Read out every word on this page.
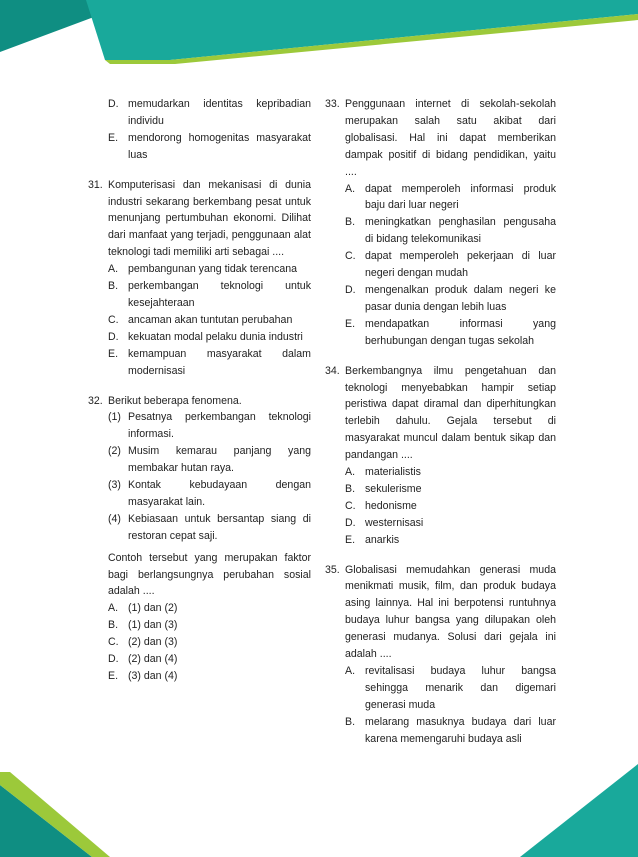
D. memudarkan identitas kepribadian individu
E. mendorong homogenitas masyarakat luas
31. Komputerisasi dan mekanisasi di dunia industri sekarang berkembang pesat untuk menunjang pertumbuhan ekonomi. Dilihat dari manfaat yang terjadi, penggunaan alat teknologi tadi memiliki arti sebagai ....
A. pembangunan yang tidak terencana
B. perkembangan teknologi untuk kesejahteraan
C. ancaman akan tuntutan perubahan
D. kekuatan modal pelaku dunia industri
E. kemampuan masyarakat dalam modernisasi
32. Berikut beberapa fenomena.
(1) Pesatnya perkembangan teknologi informasi.
(2) Musim kemarau panjang yang membakar hutan raya.
(3) Kontak kebudayaan dengan masyarakat lain.
(4) Kebiasaan untuk bersantap siang di restoran cepat saji.
Contoh tersebut yang merupakan faktor bagi berlangsungnya perubahan sosial adalah ....
A. (1) dan (2)
B. (1) dan (3)
C. (2) dan (3)
D. (2) dan (4)
E. (3) dan (4)
33. Penggunaan internet di sekolah-sekolah merupakan salah satu akibat dari globalisasi. Hal ini dapat memberikan dampak positif di bidang pendidikan, yaitu ....
A. dapat memperoleh informasi produk baju dari luar negeri
B. meningkatkan penghasilan pengusaha di bidang telekomunikasi
C. dapat memperoleh pekerjaan di luar negeri dengan mudah
D. mengenalkan produk dalam negeri ke pasar dunia dengan lebih luas
E. mendapatkan informasi yang berhubungan dengan tugas sekolah
34. Berkembangnya ilmu pengetahuan dan teknologi menyebabkan hampir setiap peristiwa dapat diramal dan diperhitungkan terlebih dahulu. Gejala tersebut di masyarakat muncul dalam bentuk sikap dan pandangan ....
A. materialistis
B. sekulerisme
C. hedonisme
D. westernisasi
E. anarkis
35. Globalisasi memudahkan generasi muda menikmati musik, film, dan produk budaya asing lainnya. Hal ini berpotensi runtuhnya budaya luhur bangsa yang dilupakan oleh generasi mudanya. Solusi dari gejala ini adalah ....
A. revitalisasi budaya luhur bangsa sehingga menarik dan digemari generasi muda
B. melarang masuknya budaya dari luar karena memengaruhi budaya asli
